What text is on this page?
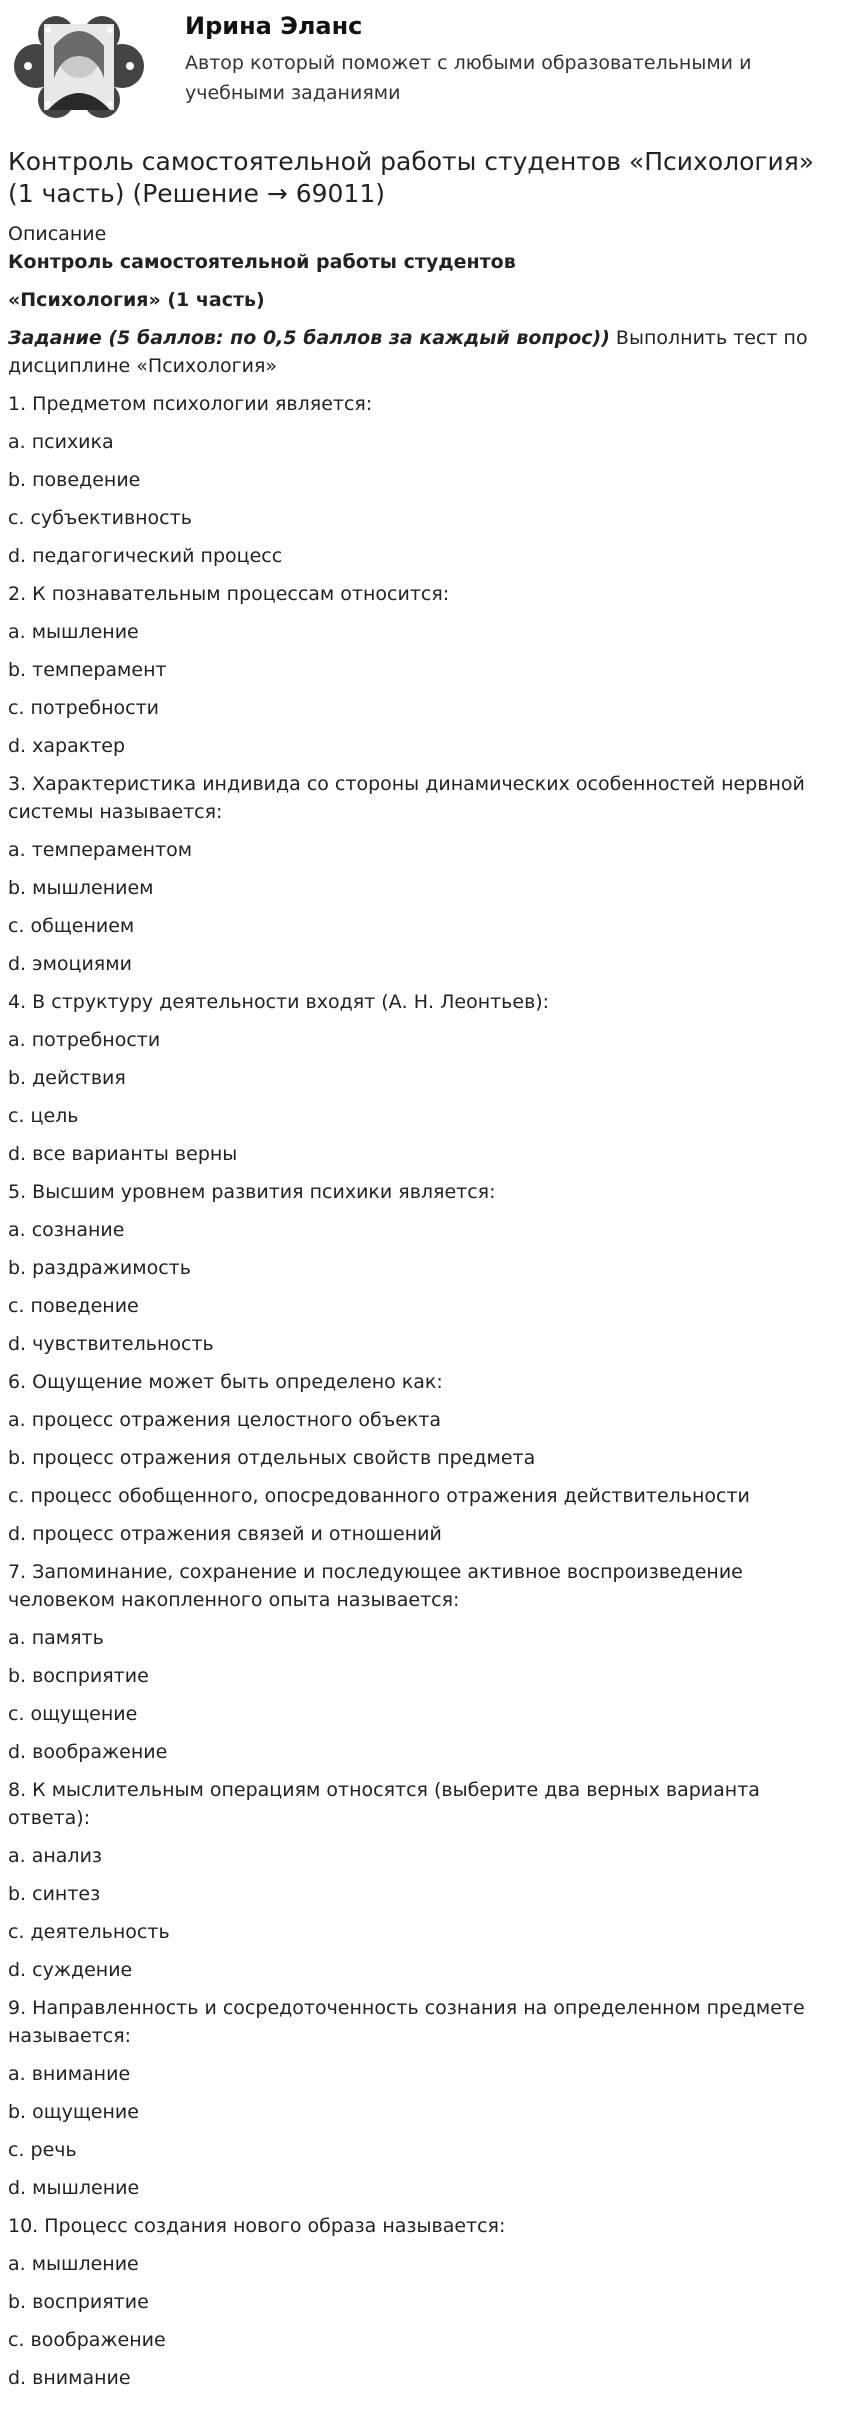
Ирина Эланс
Автор который поможет с любыми образовательными и учебными заданиями
Контроль самостоятельной работы студентов «Психология» (1 часть) (Решение → 69011)
Описание
Контроль самостоятельной работы студентов
«Психология» (1 часть)
Задание (5 баллов: по 0,5 баллов за каждый вопрос)) Выполнить тест по дисциплине «Психология»
1. Предметом психологии является:
a. психика
b. поведение
c. субъективность
d. педагогический процесс
2. К познавательным процессам относится:
a. мышление
b. темперамент
c. потребности
d. характер
3. Характеристика индивида со стороны динамических особенностей нервной системы называется:
a. темпераментом
b. мышлением
c. общением
d. эмоциями
4. В структуру деятельности входят (А. Н. Леонтьев):
a. потребности
b. действия
c. цель
d. все варианты верны
5. Высшим уровнем развития психики является:
a. сознание
b. раздражимость
c. поведение
d. чувствительность
6. Ощущение может быть определено как:
a. процесс отражения целостного объекта
b. процесс отражения отдельных свойств предмета
c. процесс обобщенного, опосредованного отражения действительности
d. процесс отражения связей и отношений
7. Запоминание, сохранение и последующее активное воспроизведение человеком накопленного опыта называется:
a. память
b. восприятие
c. ощущение
d. воображение
8. К мыслительным операциям относятся (выберите два верных варианта ответа):
a. анализ
b. синтез
c. деятельность
d. суждение
9. Направленность и сосредоточенность сознания на определенном предмете называется:
a. внимание
b. ощущение
c. речь
d. мышление
10. Процесс создания нового образа называется:
a. мышление
b. восприятие
c. воображение
d. внимание
